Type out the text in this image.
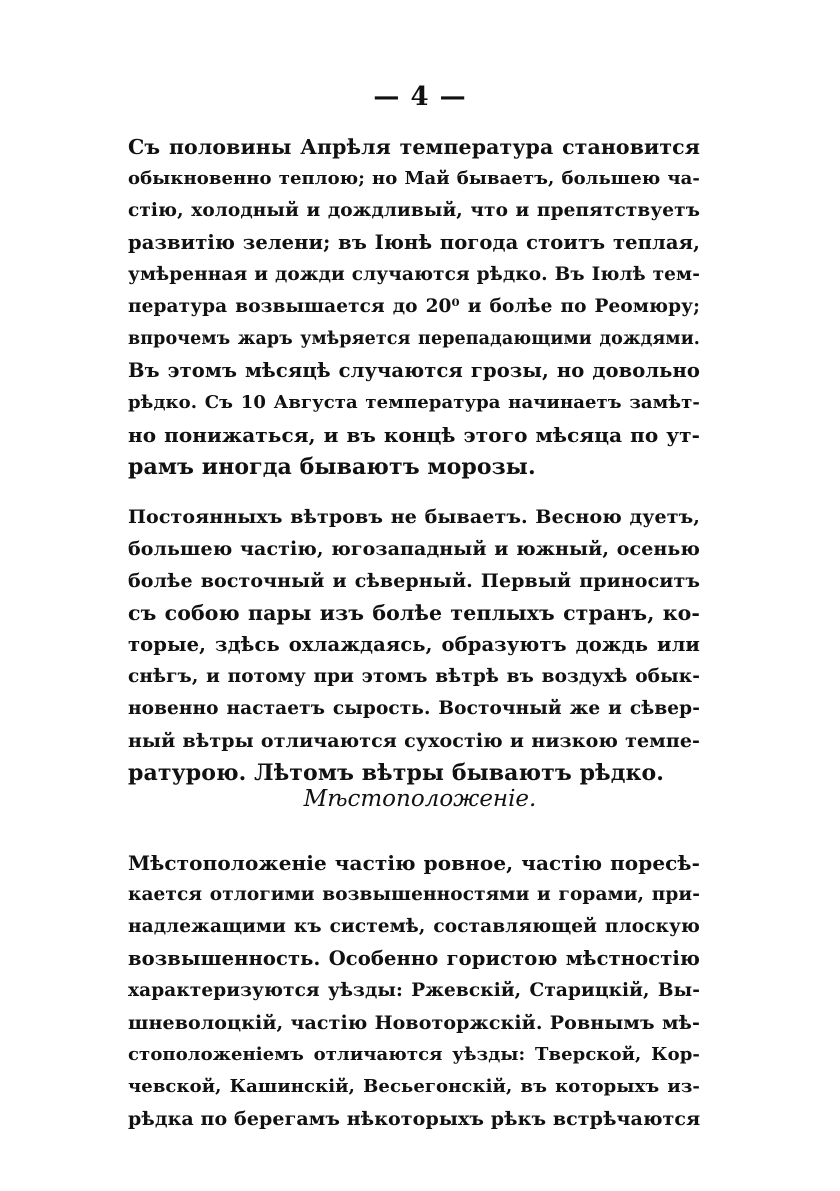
— 4 —
Съ половины Апрѣля температура становится
обыкновенно теплою; но Май бываетъ, большею ча-
стію, холодный и дождливый, что и препятствуетъ
развитію зелени; въ Іюнѣ погода стоитъ теплая,
умѣренная и дожди случаются рѣдко. Въ Іюлѣ тем-
пература возвышается до 20⁰ и болѣе по Реомюру;
впрочемъ жаръ умѣряется перепадающими дождями.
Въ этомъ мѣсяцѣ случаются грозы, но довольно
рѣдко. Съ 10 Августа температура начинаетъ замѣт-
но понижаться, и въ концѣ этого мѣсяца по ут-
рамъ иногда бываютъ морозы.
Постоянныхъ вѣтровъ не бываетъ. Весною дуетъ,
большею частію, югозападный и южный, осенью
болѣе восточный и сѣверный. Первый приноситъ
съ собою пары изъ болѣе теплыхъ странъ, ко-
торые, здѣсь охлаждаясь, образуютъ дождь или
снѣгъ, и потому при этомъ вѣтрѣ въ воздухѣ обык-
новенно настаетъ сырость. Восточный же и сѣвер-
ный вѣтры отличаются сухостію и низкою темпе-
ратурою. Лѣтомъ вѣтры бываютъ рѣдко.
Мѣстоположеніе.
Мѣстоположеніе частію ровное, частію поресѣ-
кается отлогими возвышенностями и горами, при-
надлежащими къ системѣ, составляющей плоскую
возвышенность. Особенно гористою мѣстностію
характеризуются уѣзды: Ржевскій, Старицкій, Вы-
шневолоцкій, частію Новоторжскій. Ровнымъ мѣ-
стоположеніемъ отличаются уѣзды: Тверской, Кор-
чевской, Кашинскій, Весьегонскій, въ которыхъ из-
рѣдка по берегамъ нѣкоторыхъ рѣкъ встрѣчаются
